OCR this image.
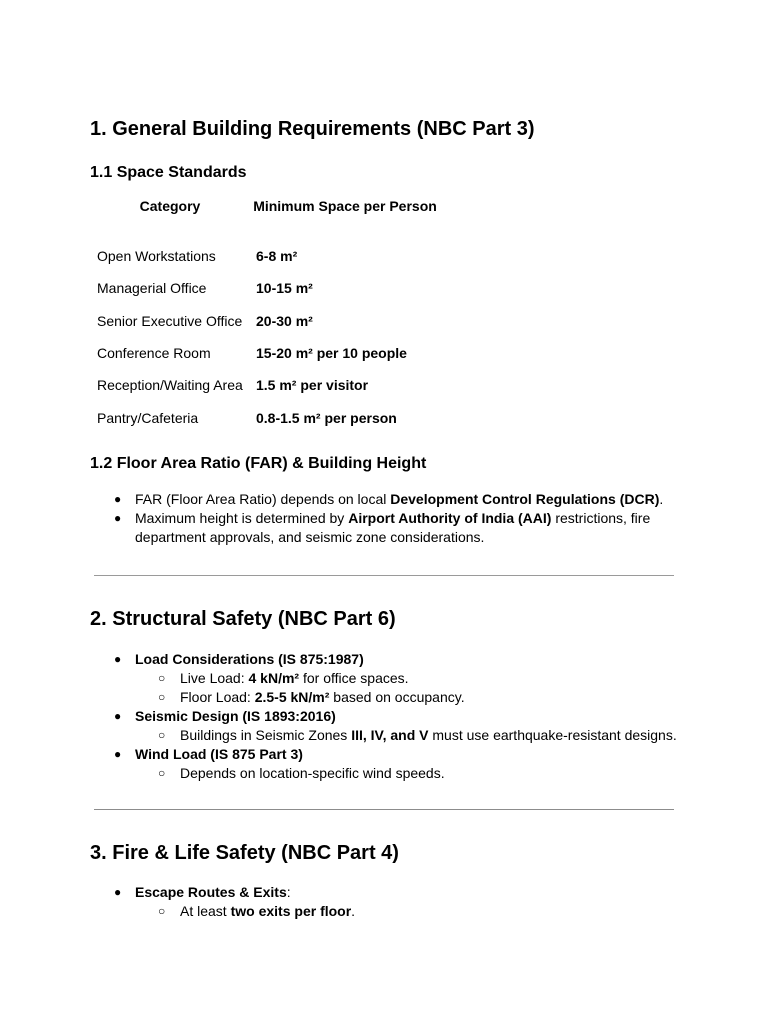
1. General Building Requirements (NBC Part 3)
1.1 Space Standards
Category	Minimum Space per Person
Open Workstations	6-8 m²
Managerial Office	10-15 m²
Senior Executive Office 20-30 m²
Conference Room	15-20 m² per 10 people
Reception/Waiting Area 1.5 m² per visitor
Pantry/Cafeteria	0.8-1.5 m² per person
1.2 Floor Area Ratio (FAR) & Building Height
● FAR (Floor Area Ratio) depends on local Development Control Regulations (DCR).
● Maximum height is determined by Airport Authority of India (AAI) restrictions, fire department approvals, and seismic zone considerations.
2. Structural Safety (NBC Part 6)
● Load Considerations (IS 875:1987)
○ Live Load: 4 kN/m² for office spaces.
○ Floor Load: 2.5-5 kN/m² based on occupancy.
● Seismic Design (IS 1893:2016)
○ Buildings in Seismic Zones III, IV, and V must use earthquake-resistant designs.
● Wind Load (IS 875 Part 3)
○ Depends on location-specific wind speeds.
3. Fire & Life Safety (NBC Part 4)
● Escape Routes & Exits:
○ At least two exits per floor.
